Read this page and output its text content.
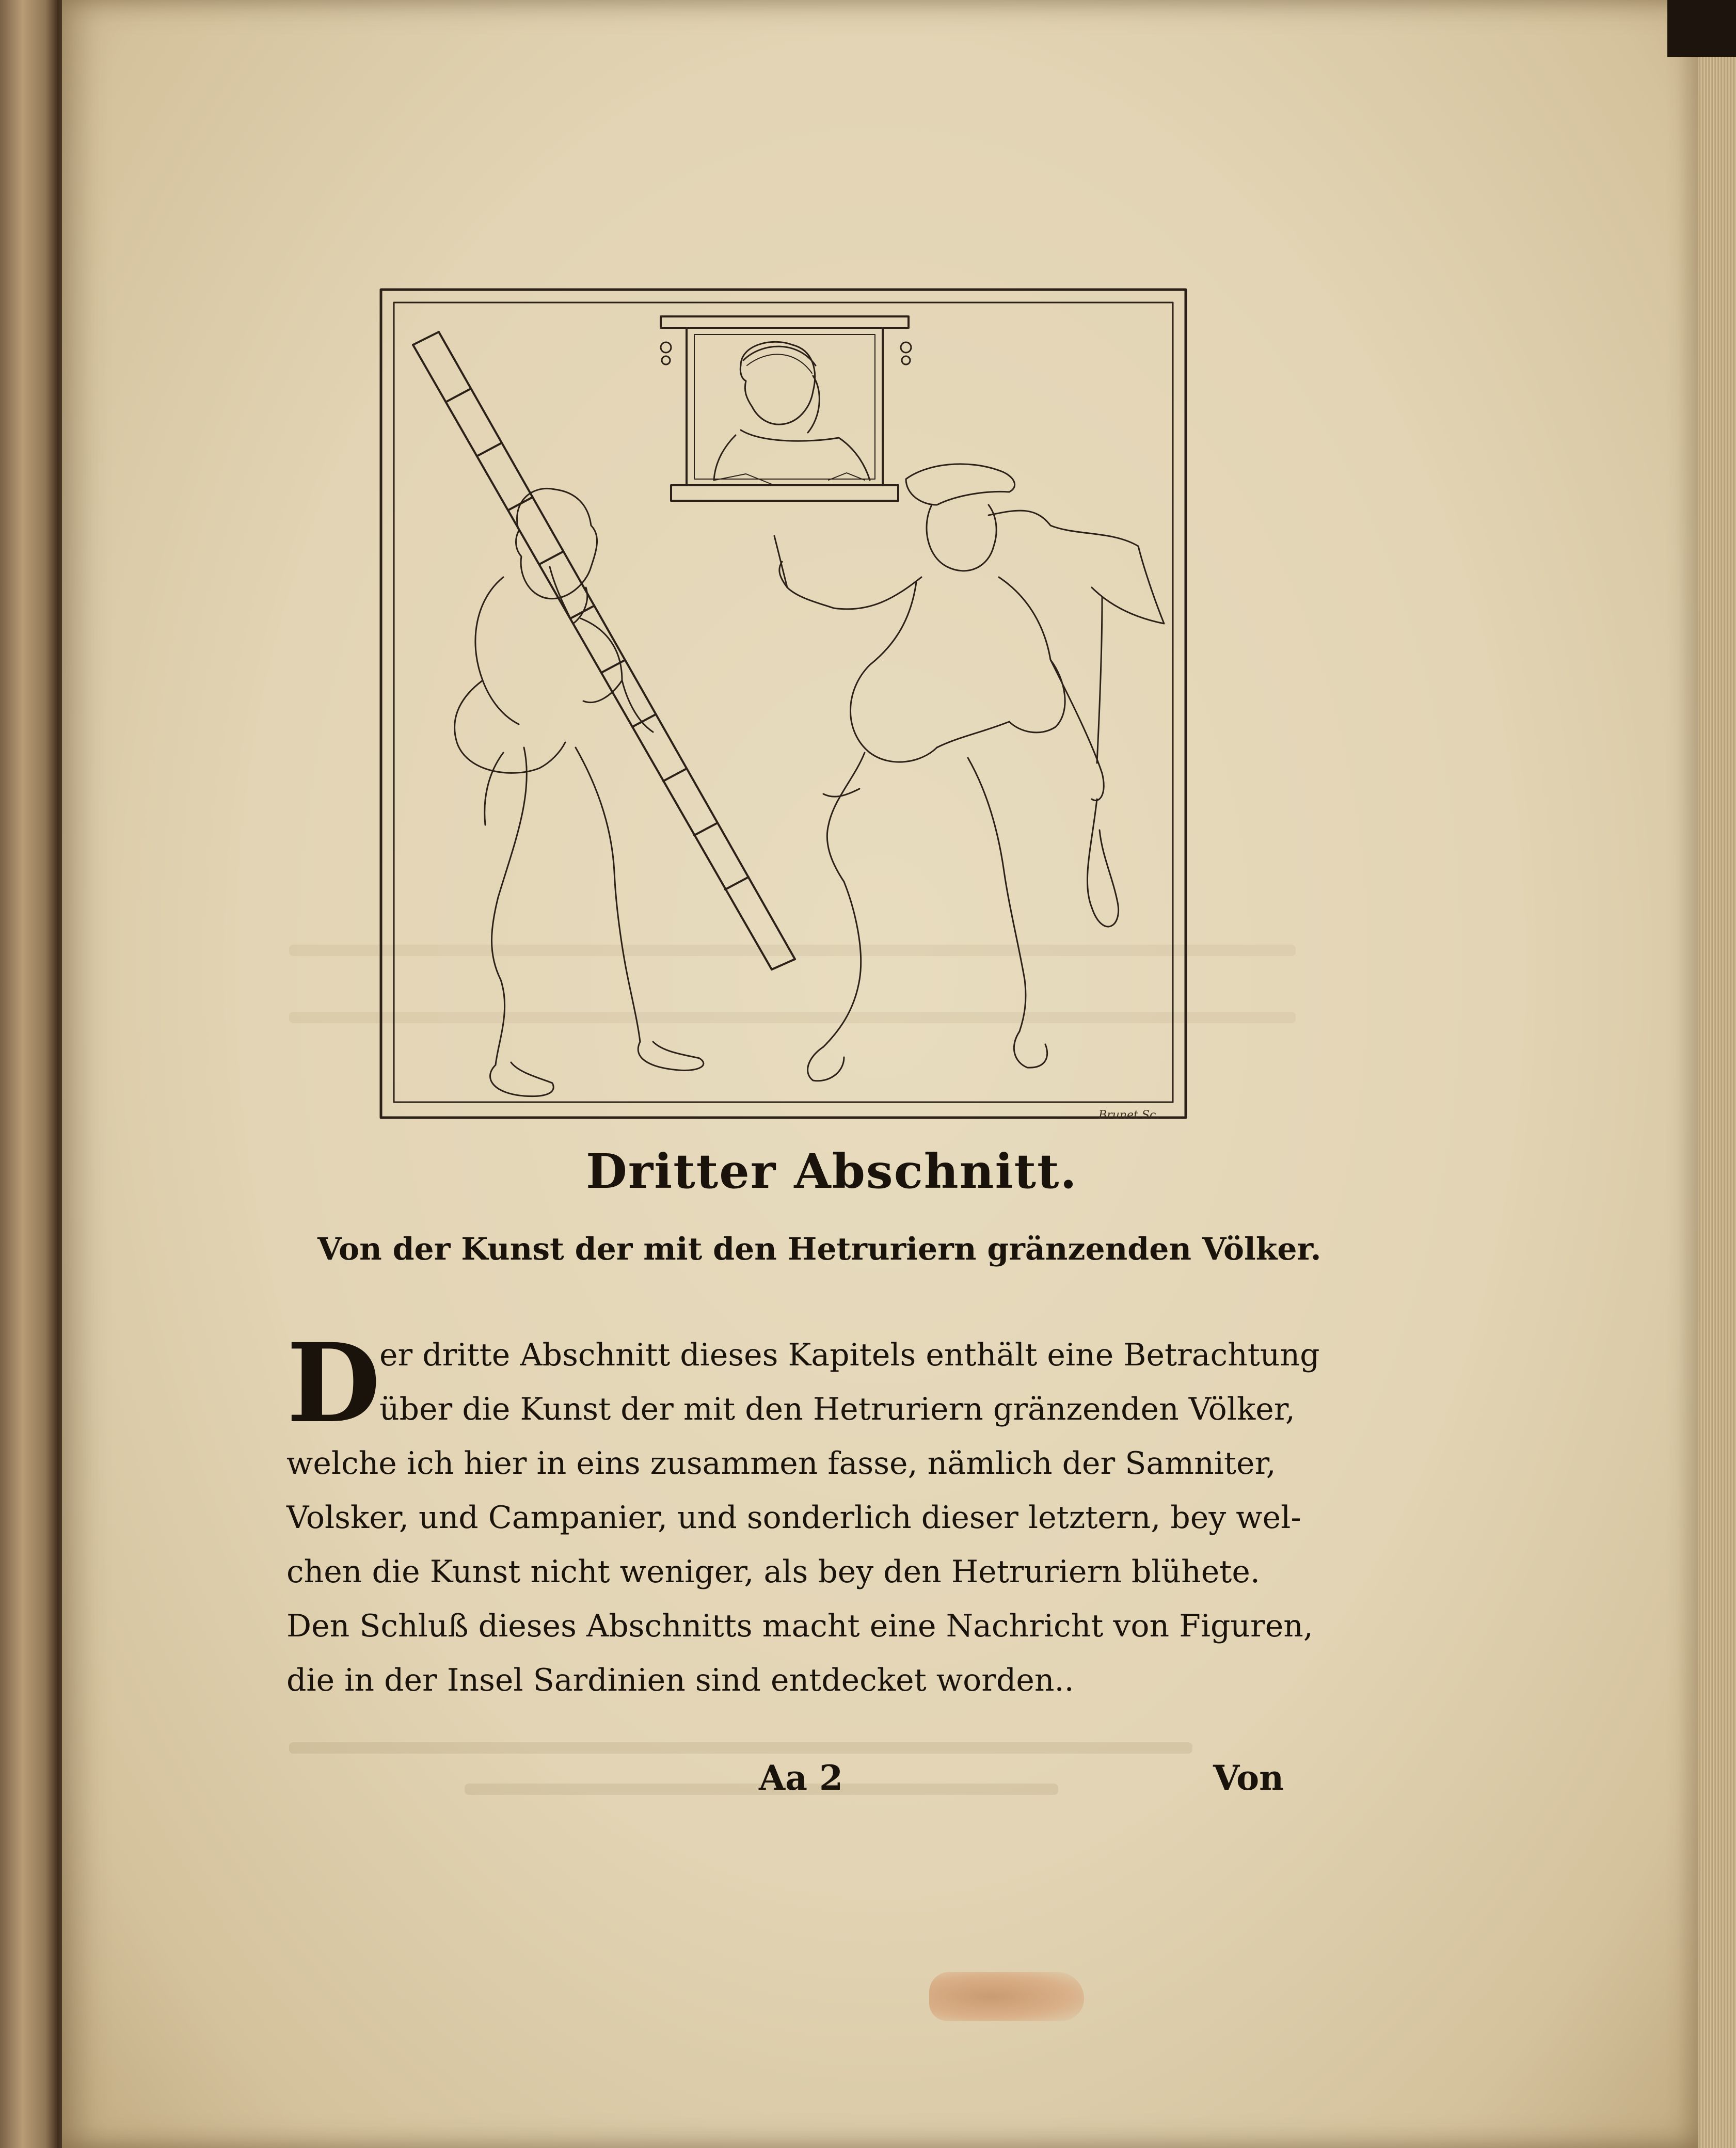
Brunet Sc.
Dritter Abschnitt.
Von der Kunst der mit den Hetruriern gränzenden Völker.
D
er dritte Abschnitt dieses Kapitels enthält eine Betrachtung
über die Kunst der mit den Hetruriern gränzenden Völker,
welche ich hier in eins zusammen fasse, nämlich der Samniter,
Volsker, und Campanier, und sonderlich dieser letztern, bey wel-
chen die Kunst nicht weniger, als bey den Hetruriern blühete.
Den Schluß dieses Abschnitts macht eine Nachricht von Figuren,
die in der Insel Sardinien sind entdecket worden..
Aa 2	Von
